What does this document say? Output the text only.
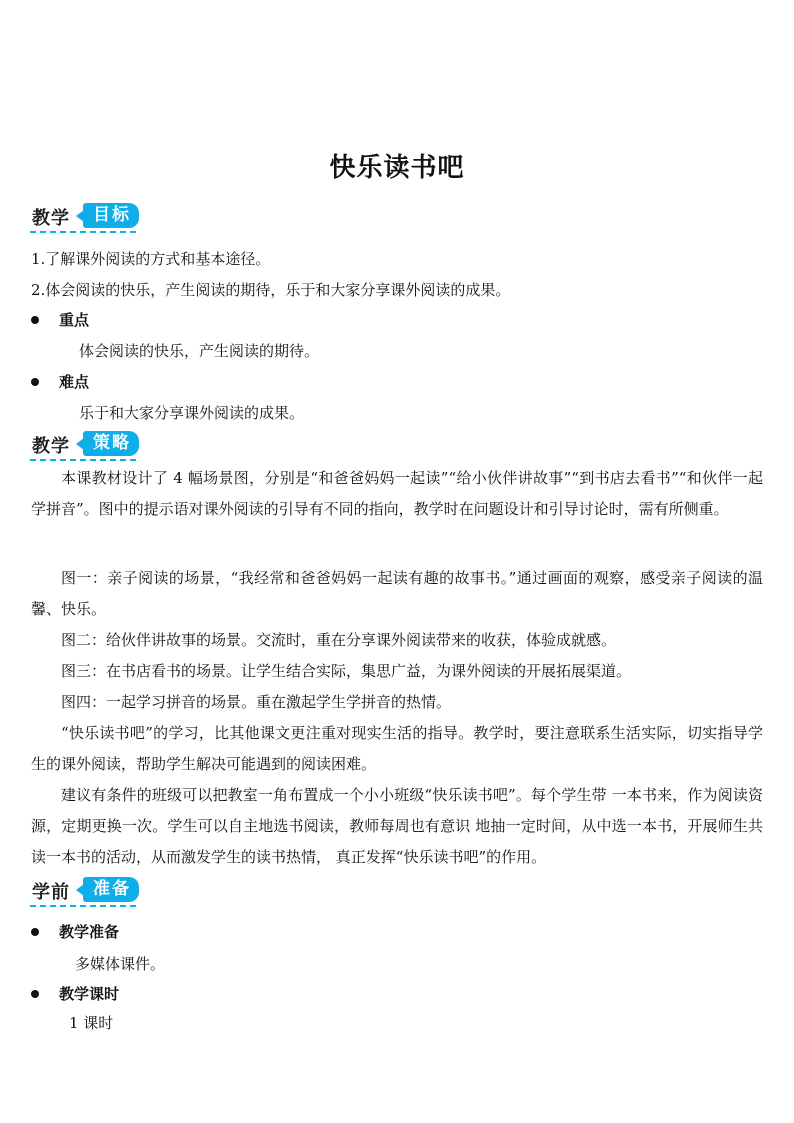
快乐读书吧
教学	目标
1.了解课外阅读的方式和基本途径。
2.体会阅读的快乐，产生阅读的期待，乐于和大家分享课外阅读的成果。
重点
体会阅读的快乐，产生阅读的期待。
难点
乐于和大家分享课外阅读的成果。
教学	策略
本课教材设计了 4 幅场景图，分别是“和爸爸妈妈一起读”“给小伙伴讲故事”“到书店去看书”“和伙伴一起学拼音”。图中的提示语对课外阅读的引导有不同的指向，教学时在问题设计和引导讨论时，需有所侧重。
图一：亲子阅读的场景，“我经常和爸爸妈妈一起读有趣的故事书。”通过画面的观察，感受亲子阅读的温馨、快乐。
图二：给伙伴讲故事的场景。交流时，重在分享课外阅读带来的收获，体验成就感。
图三：在书店看书的场景。让学生结合实际，集思广益，为课外阅读的开展拓展渠道。
图四：一起学习拼音的场景。重在激起学生学拼音的热情。
“快乐读书吧”的学习，比其他课文更注重对现实生活的指导。教学时，要注意联系生活实际，切实指导学生的课外阅读，帮助学生解决可能遇到的阅读困难。
建议有条件的班级可以把教室一角布置成一个小小班级“快乐读书吧”。每个学生带 一本书来，作为阅读资源，定期更换一次。学生可以自主地选书阅读，教师每周也有意识 地抽一定时间，从中选一本书，开展师生共读一本书的活动，从而激发学生的读书热情， 真正发挥“快乐读书吧”的作用。
学前	准备
教学准备
多媒体课件。
教学课时
1 课时
